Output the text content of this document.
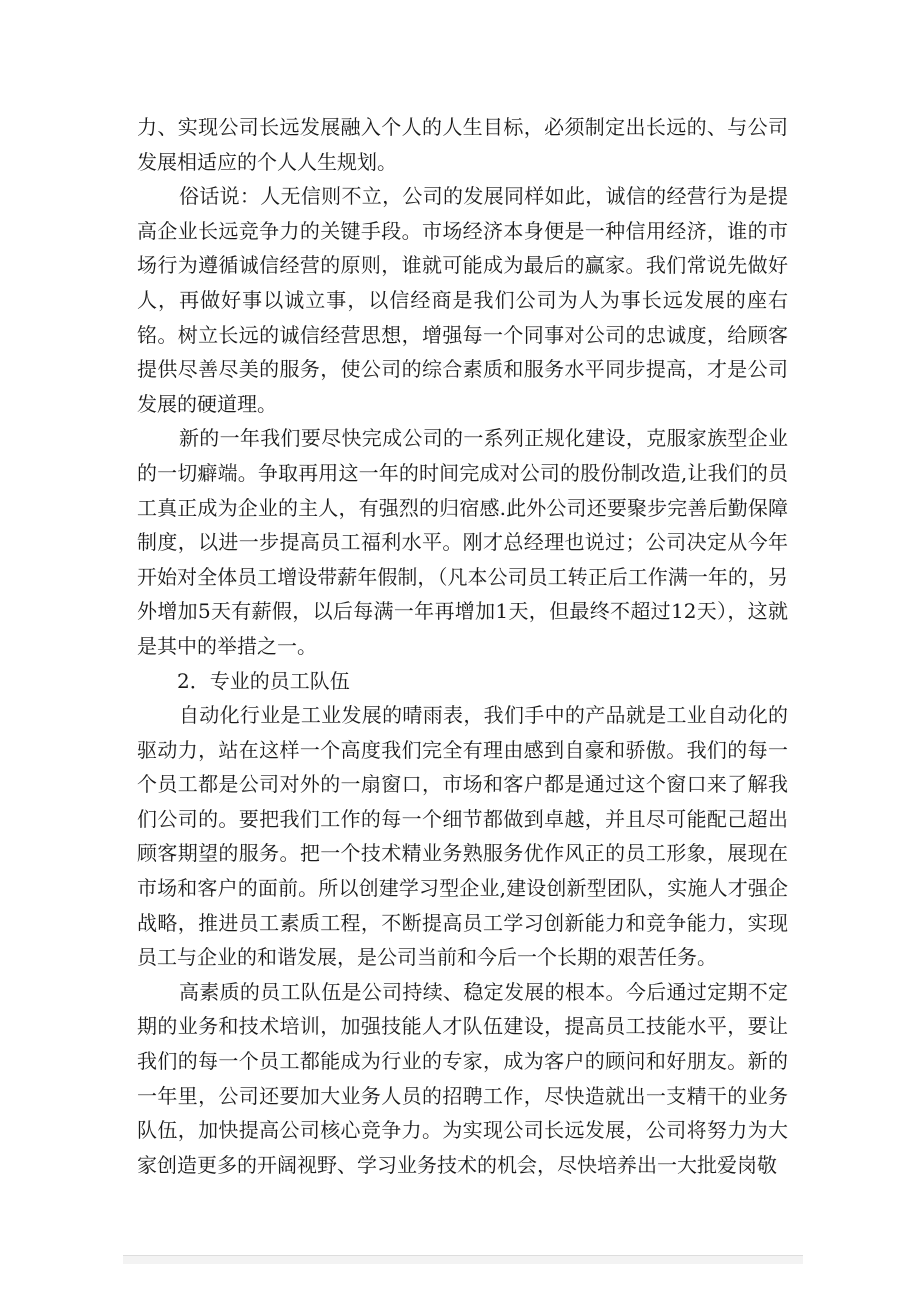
力、实现公司长远发展融入个人的人生目标，必须制定出长远的、与公司发展相适应的个人人生规划。

俗话说：人无信则不立，公司的发展同样如此，诚信的经营行为是提高企业长远竞争力的关键手段。市场经济本身便是一种信用经济，谁的市场行为遵循诚信经营的原则，谁就可能成为最后的赢家。我们常说先做好人，再做好事以诚立事，以信经商是我们公司为人为事长远发展的座右铭。树立长远的诚信经营思想，增强每一个同事对公司的忠诚度，给顾客提供尽善尽美的服务，使公司的综合素质和服务水平同步提高，才是公司发展的硬道理。

新的一年我们要尽快完成公司的一系列正规化建设，克服家族型企业的一切癖端。争取再用这一年的时间完成对公司的股份制改造,让我们的员工真正成为企业的主人，有强烈的归宿感.此外公司还要聚步完善后勤保障制度，以进一步提高员工福利水平。刚才总经理也说过；公司决定从今年开始对全体员工增设带薪年假制，（凡本公司员工转正后工作满一年的，另外增加5天有薪假，以后每满一年再增加1天，但最终不超过12天），这就是其中的举措之一。

2．专业的员工队伍

自动化行业是工业发展的晴雨表，我们手中的产品就是工业自动化的驱动力，站在这样一个高度我们完全有理由感到自豪和骄傲。我们的每一个员工都是公司对外的一扇窗口，市场和客户都是通过这个窗口来了解我们公司的。要把我们工作的每一个细节都做到卓越，并且尽可能配己超出顾客期望的服务。把一个技术精业务熟服务优作风正的员工形象，展现在市场和客户的面前。所以创建学习型企业,建设创新型团队，实施人才强企战略，推进员工素质工程，不断提高员工学习创新能力和竞争能力，实现员工与企业的和谐发展，是公司当前和今后一个长期的艰苦任务。

高素质的员工队伍是公司持续、稳定发展的根本。今后通过定期不定期的业务和技术培训，加强技能人才队伍建设，提高员工技能水平，要让我们的每一个员工都能成为行业的专家，成为客户的顾问和好朋友。新的一年里，公司还要加大业务人员的招聘工作，尽快造就出一支精干的业务队伍，加快提高公司核心竞争力。为实现公司长远发展，公司将努力为大家创造更多的开阔视野、学习业务技术的机会，尽快培养出一大批爱岗敬
